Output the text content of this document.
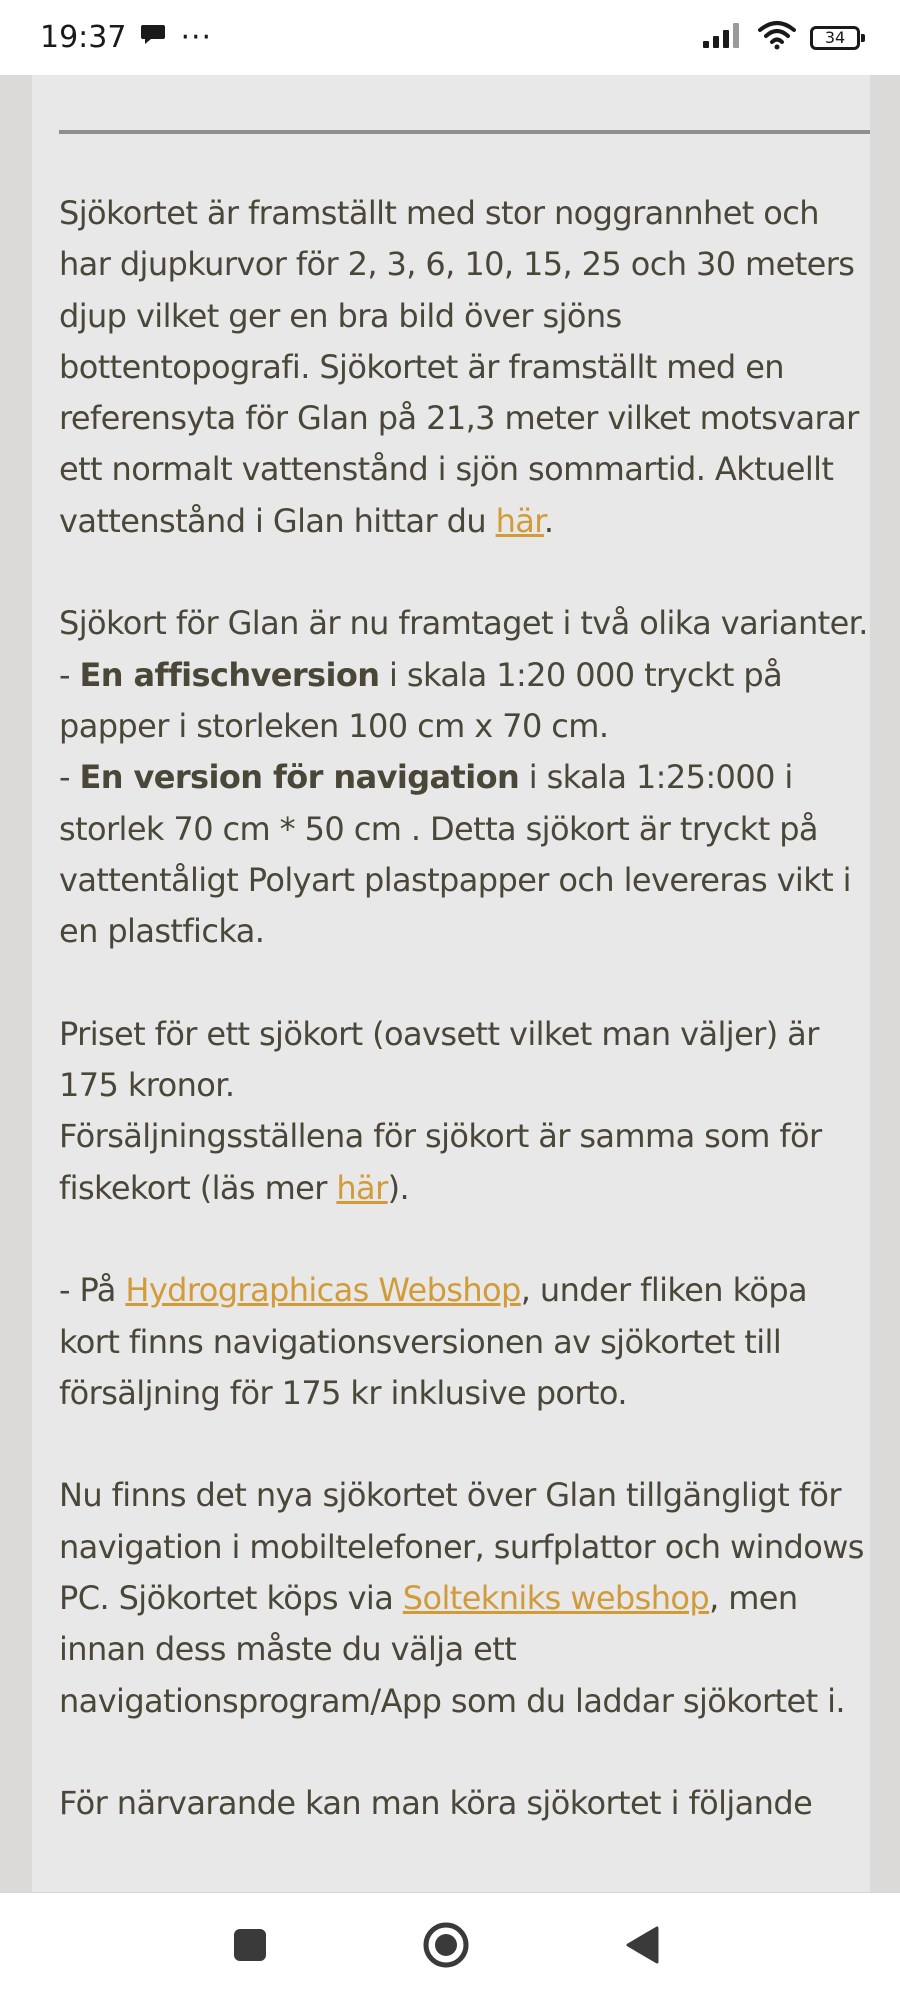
19:37 ···	34

Sjökortet är framställt med stor noggrannhet och har djupkurvor för 2, 3, 6, 10, 15, 25 och 30 meters djup vilket ger en bra bild över sjöns bottentopografi. Sjökortet är framställt med en referensyta för Glan på 21,3 meter vilket motsvarar ett normalt vattenstånd i sjön sommartid. Aktuellt vattenstånd i Glan hittar du här.

Sjökort för Glan är nu framtaget i två olika varianter.
- En affischversion i skala 1:20 000 tryckt på papper i storleken 100 cm x 70 cm.
- En version för navigation i skala 1:25:000 i storlek 70 cm * 50 cm . Detta sjökort är tryckt på vattentåligt Polyart plastpapper och levereras vikt i en plastficka.

Priset för ett sjökort (oavsett vilket man väljer) är 175 kronor.
Försäljningsställena för sjökort är samma som för fiskekort (läs mer här).

- På Hydrographicas Webshop, under fliken köpa kort finns navigationsversionen av sjökortet till försäljning för 175 kr inklusive porto.

Nu finns det nya sjökortet över Glan tillgängligt för navigation i mobiltelefoner, surfplattor och windows PC. Sjökortet köps via Soltekniks webshop, men innan dess måste du välja ett navigationsprogram/App som du laddar sjökortet i.

För närvarande kan man köra sjökortet i följande
